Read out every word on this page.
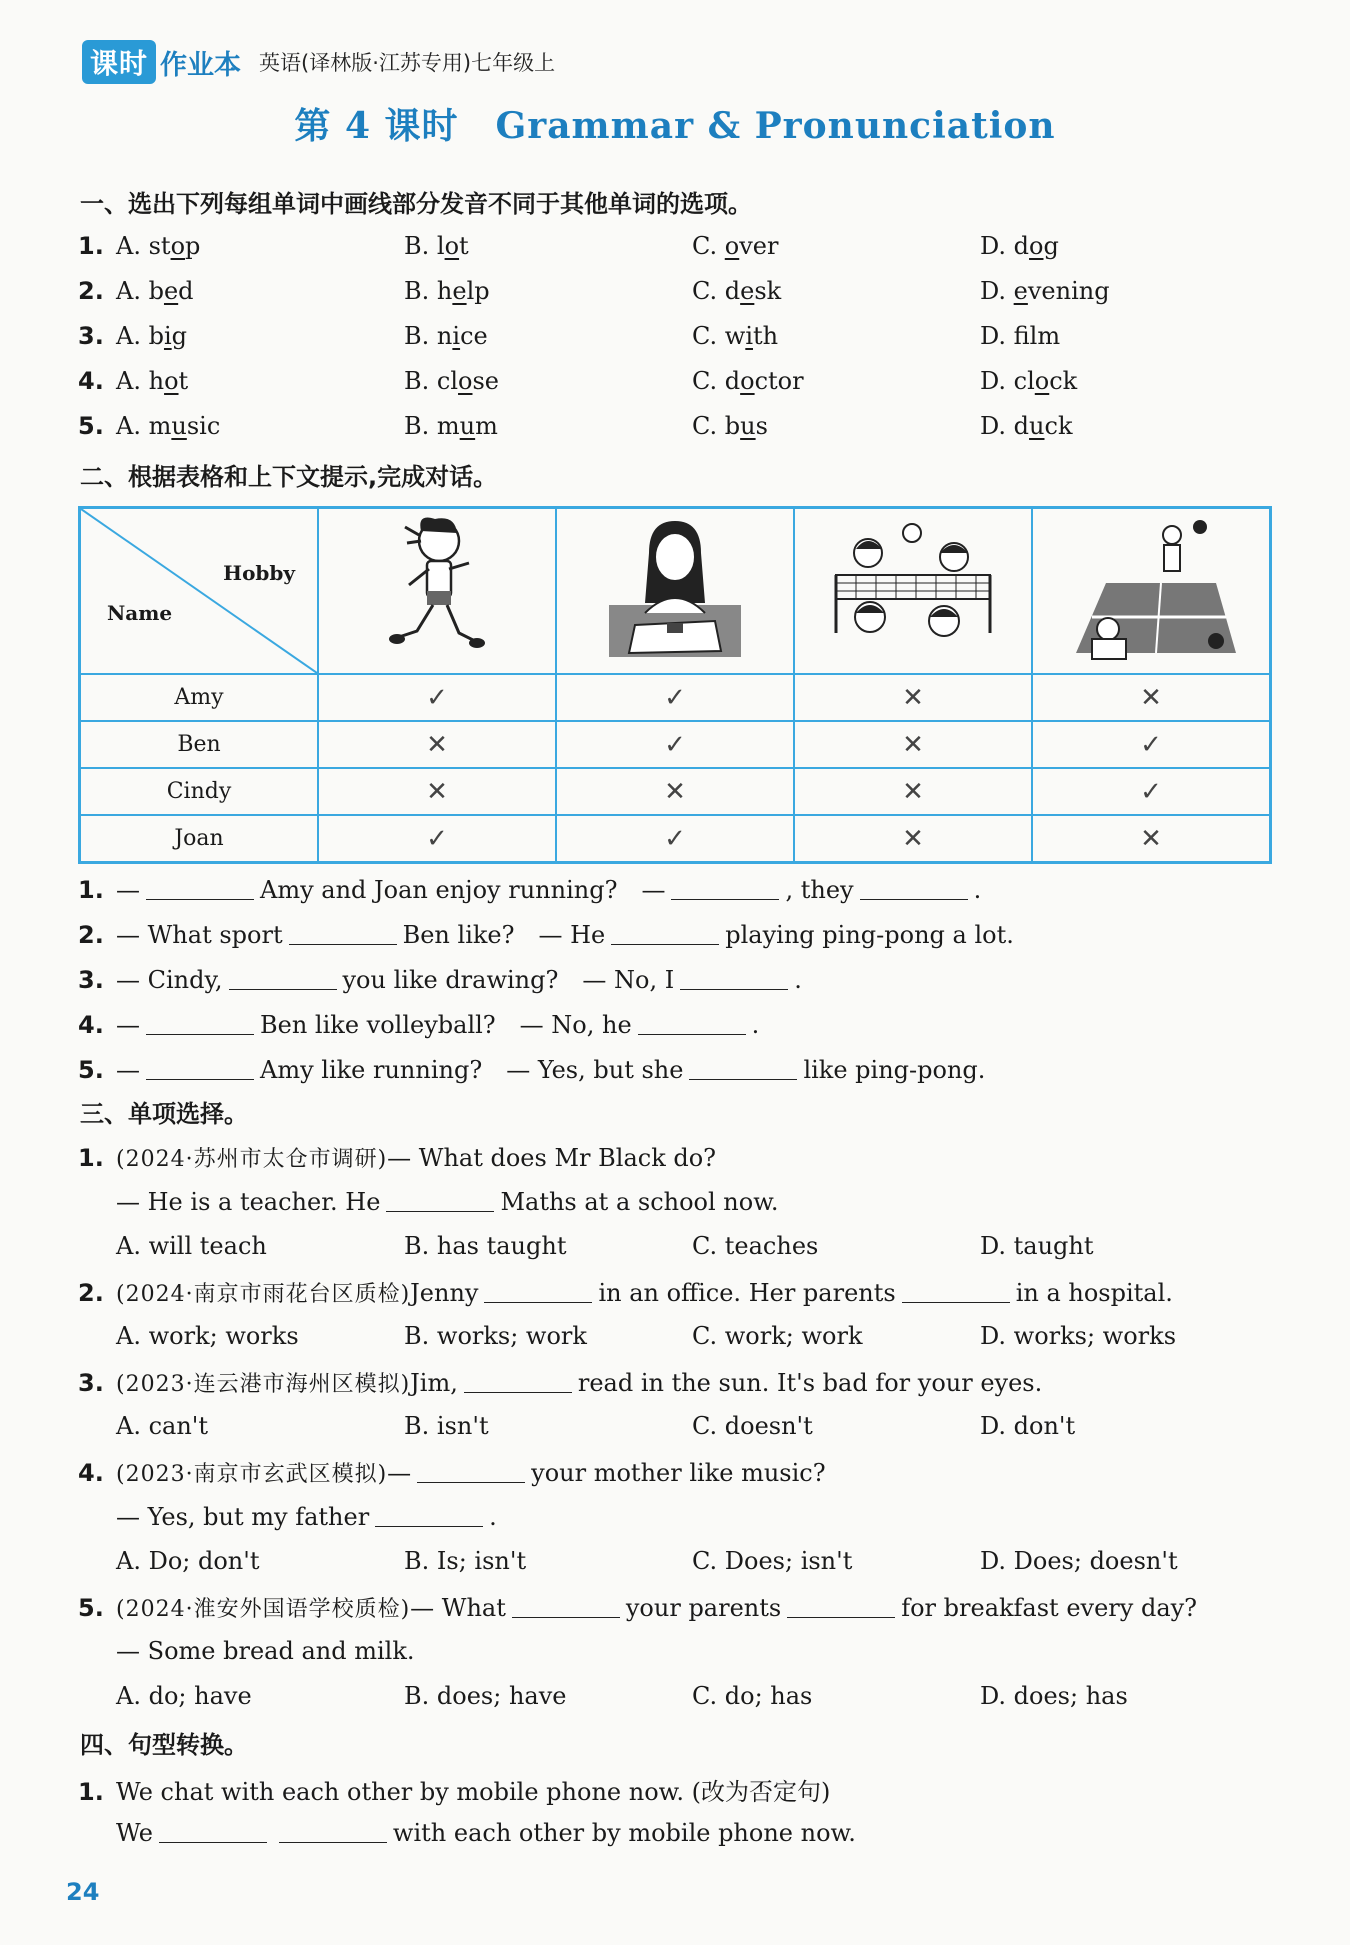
课时 作业本 英语(译林版·江苏专用)七年级上
第 4 课时　Grammar & Pronunciation
一、选出下列每组单词中画线部分发音不同于其他单词的选项。
1. A. stop	B. lot	C. over	D. dog
2. A. bed	B. help	C. desk	D. evening
3. A. big	B. nice	C. with	D. flm
4. A. hot	B. close	C. doctor	D. clock
5. A. music	B. mum	C. bus	D. duck
二、根据表格和上下文提示,完成对话。
Hobby
Name

Amy	✓	✓	✕	✕
Ben	✕	✓	✕	✓
Cindy	✕	✕	✕	✓
Joan	✓	✓	✕	✕
1. —	Amy and Joan enjoy running?　—	, they	.
2. — What sport	Ben like?　— He	playing ping-pong a lot.
3. — Cindy,	you like drawing?　— No, I	.
4. —	Ben like volleyball?　— No, he	.
5. —	Amy like running?　— Yes, but she	like ping-pong.
三、单项选择。
1. (2024·苏州市太仓市调研)— What does Mr Black do?
— He is a teacher. He	Maths at a school now.
A. will teach	B. has taught	C. teaches	D. taught
2. (2024·南京市雨花台区质检)Jenny	in an office. Her parents	in a hospital.
A. work; works	B. works; work	C. work; work	D. works; works
3. (2023·连云港市海州区模拟)Jim,	read in the sun. It's bad for your eyes.
A. can't	B. isn't	C. doesn't	D. don't
4. (2023·南京市玄武区模拟)—	your mother like music?
— Yes, but my father	.
A. Do; don't	B. Is; isn't	C. Does; isn't	D. Does; doesn't
5. (2024·淮安外国语学校质检)— What	your parents	for breakfast every day?
— Some bread and milk.
A. do; have	B. does; have	C. do; has	D. does; has
四、句型转换。
1. We chat with each other by mobile phone now. (改为否定句)
We	with each other by mobile phone now.
24
